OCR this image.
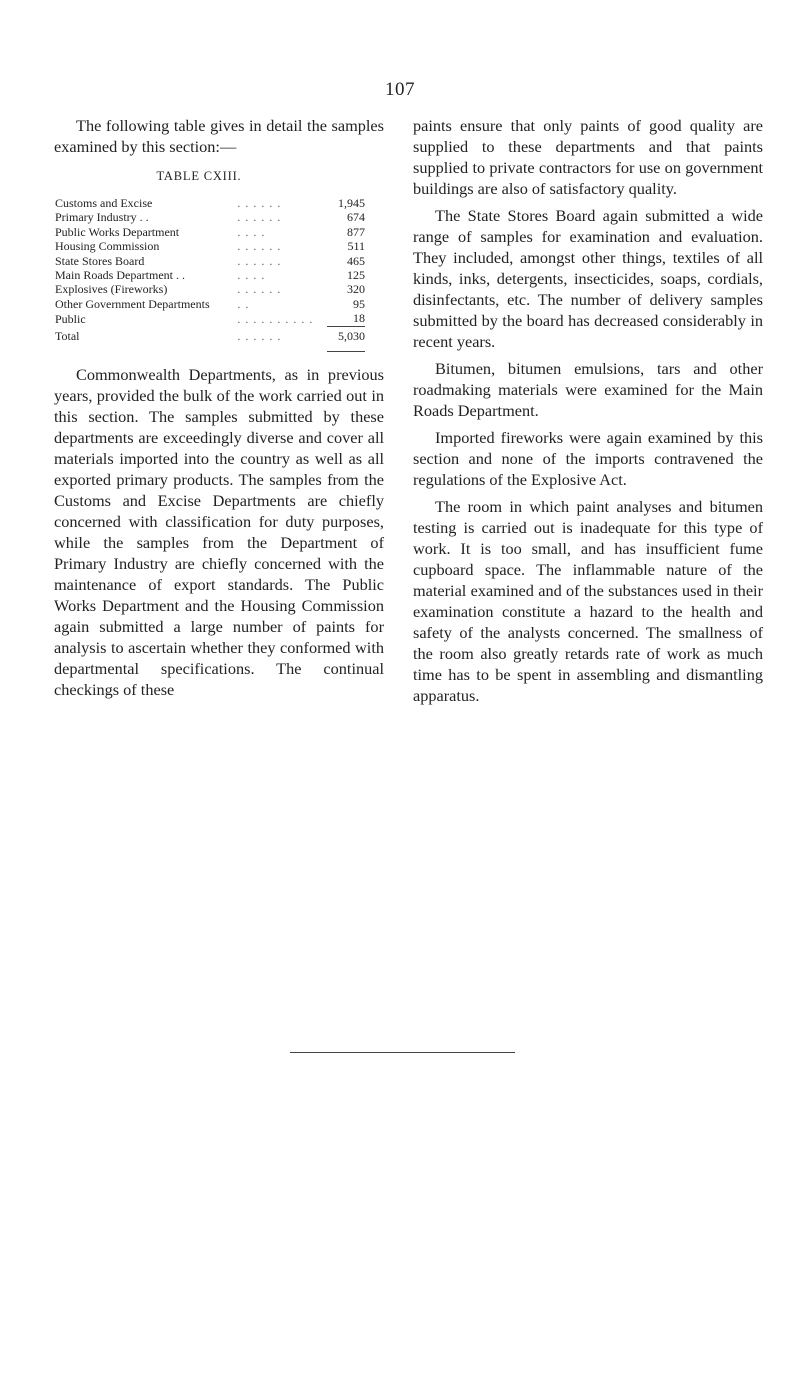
107

The following table gives in detail the samples examined by this section:—

TABLE CXIII.
Customs and Excise	. . . . . .	1,945
Primary Industry . .	. . . . . .	674
Public Works Department	. . . .	877
Housing Commission	. . . . . .	511
State Stores Board	. . . . . .	465
Main Roads Department . .	. . . .	125
Explosives (Fireworks)	. . . . . .	320
Other Government Departments	. .	95
Public	. . . . . . . . . .	18

Total	. . . . . .	5,030

Commonwealth Departments, as in previous years, provided the bulk of the work carried out in this section. The samples submitted by these departments are exceedingly diverse and cover all materials imported into the country as well as all exported primary products. The samples from the Customs and Excise Departments are chiefly concerned with classification for duty purposes, while the samples from the Department of Primary Industry are chiefly concerned with the maintenance of export standards. The Public Works Department and the Housing Commission again submitted a large number of paints for analysis to ascertain whether they conformed with departmental specifications. The continual checkings of these

paints ensure that only paints of good quality are supplied to these departments and that paints supplied to private contractors for use on government buildings are also of satisfactory quality.

The State Stores Board again submitted a wide range of samples for examination and evaluation. They included, amongst other things, textiles of all kinds, inks, detergents, insecticides, soaps, cordials, disinfectants, etc. The number of delivery samples submitted by the board has decreased considerably in recent years.

Bitumen, bitumen emulsions, tars and other roadmaking materials were examined for the Main Roads Department.

Imported fireworks were again examined by this section and none of the imports contravened the regulations of the Explosive Act.

The room in which paint analyses and bitumen testing is carried out is inadequate for this type of work. It is too small, and has insufficient fume cupboard space. The inflammable nature of the material examined and of the substances used in their examination constitute a hazard to the health and safety of the analysts concerned. The smallness of the room also greatly retards rate of work as much time has to be spent in assembling and dismantling apparatus.
